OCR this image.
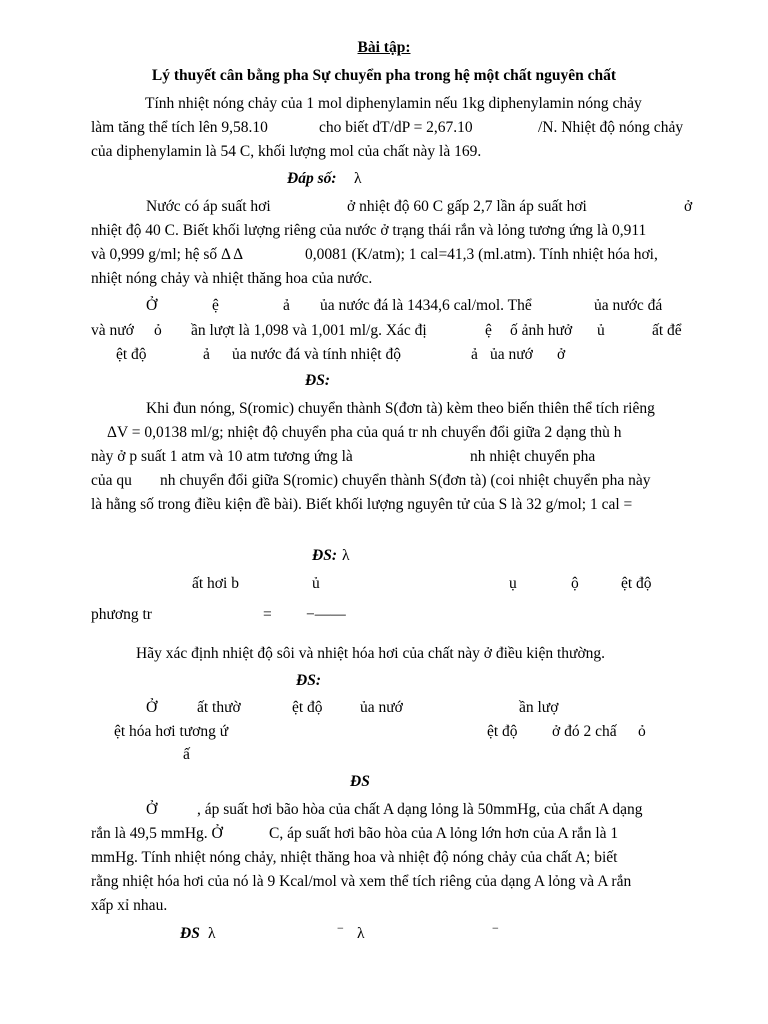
Bài tập:
Lý thuyết cân bằng pha Sự chuyển pha trong hệ một chất nguyên chất
Tính nhiệt nóng chảy của 1 mol diphenylamin nếu 1kg diphenylamin nóng chảy
làm tăng thể tích lên 9,58.10	cho biết dT/dP = 2,67.10	/N. Nhiệt độ nóng chảy
của diphenylamin là 54 C, khối lượng mol của chất này là 169.
Đáp số: λ
Nước có áp suất hơi	ở nhiệt độ 60 C gấp 2,7 lần áp suất hơi	ở
nhiệt độ 40 C. Biết khối lượng riêng của nước ở trạng thái rắn và lỏng tương ứng là 0,911
và 0,999 g/ml; hệ số Δ Δ	0,0081 (K/atm); 1 cal=41,3 (ml.atm). Tính nhiệt hóa hơi,
nhiệt nóng chảy và nhiệt thăng hoa của nước.
Ở	ệ	ả ủa nước đá là 1434,6 cal/mol. Thể	ủa nước đá
và nướ ỏ ần lượt là 1,098 và 1,001 ml/g. Xác đị	ệ ố ảnh hưở ủ	ất để
ệt độ	ả ủa nước đá và tính nhiệt độ	ả ủa nướ ở
ĐS:
Khi đun nóng, S(romic) chuyển thành S(đơn tà) kèm theo biến thiên thể tích riêng
ΔV = 0,0138 ml/g; nhiệt độ chuyển pha của quá tr nh chuyển đổi giữa 2 dạng thù h
này ở p suất 1 atm và 10 atm tương ứng là	nh nhiệt chuyển pha
của qu nh chuyển đổi giữa S(romic) chuyển thành S(đơn tà) (coi nhiệt chuyển pha này
là hằng số trong điều kiện đề bài). Biết khối lượng nguyên tử của S là 32 g/mol; 1 cal =
ĐS: λ
ất hơi b	ủ	ụ	ộ	ệt độ
phương tr	= −——
Hãy xác định nhiệt độ sôi và nhiệt hóa hơi của chất này ở điều kiện thường.
ĐS:
Ở	ất thườ	ệt độ ủa nướ	ần lượ
ệt hóa hơi tương ứ	ệt độ ở đó 2 chấ ỏ
ấ
ĐS
Ở	, áp suất hơi bão hòa của chất A dạng lỏng là 50mmHg, của chất A dạng
rắn là 49,5 mmHg. Ở	C, áp suất hơi bão hòa của A lỏng lớn hơn của A rắn là 1
mmHg. Tính nhiệt nóng chảy, nhiệt thăng hoa và nhiệt độ nóng chảy của chất A; biết
rằng nhiệt hóa hơi của nó là 9 Kcal/mol và xem thể tích riêng của dạng A lỏng và A rắn
xấp xỉ nhau.
ĐS λ	− λ	−
